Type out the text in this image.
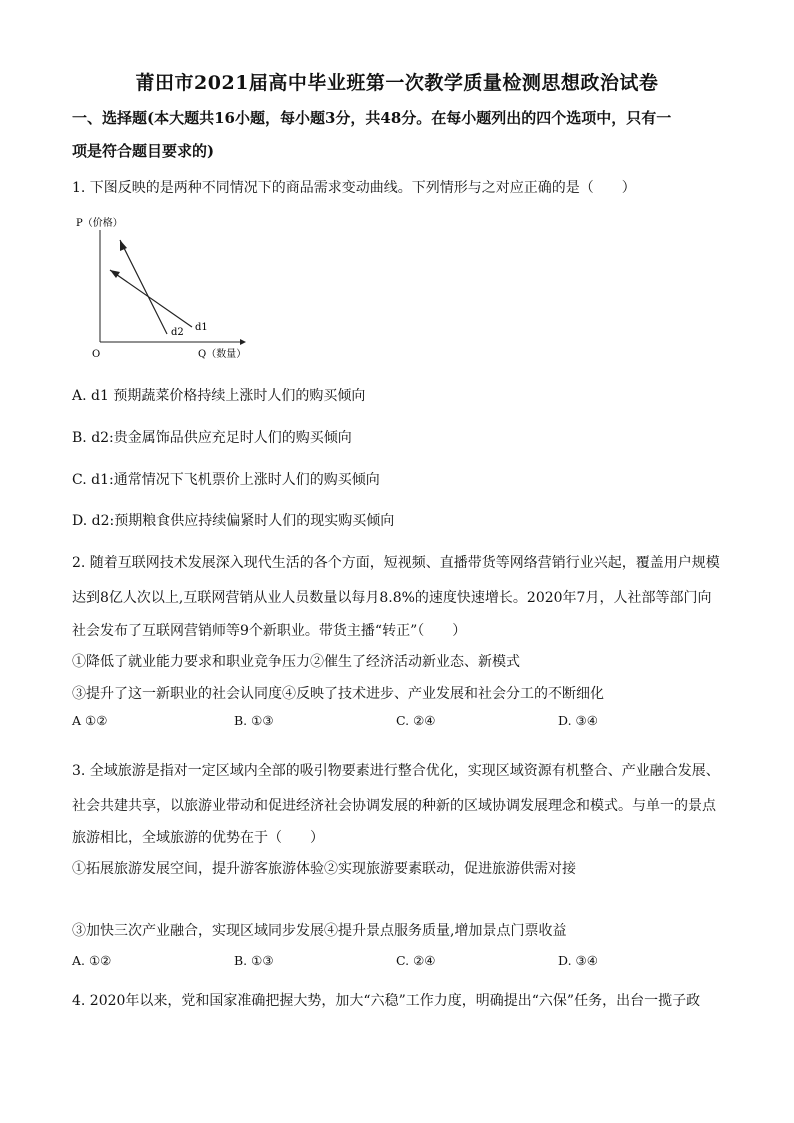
莆田市2021届高中毕业班第一次教学质量检测思想政治试卷
一、选择题(本大题共16小题，每小题3分，共48分。在每小题列出的四个选项中，只有一
项是符合题目要求的)
1. 下图反映的是两种不同情况下的商品需求变动曲线。下列情形与之对应正确的是（　　）
P（价格）
O	Q（数量）
d2 d1
A. d1 预期蔬菜价格持续上涨时人们的购买倾向
B. d2:贵金属饰品供应充足时人们的购买倾向
C. d1:通常情况下飞机票价上涨时人们的购买倾向
D. d2:预期粮食供应持续偏紧时人们的现实购买倾向
2. 随着互联网技术发展深入现代生活的各个方面，短视频、直播带货等网络营销行业兴起，覆盖用户规模
达到8亿人次以上,互联网营销从业人员数量以每月8.8%的速度快速增长。2020年7月，人社部等部门向
社会发布了互联网营销师等9个新职业。带货主播“转正”（　　）
①降低了就业能力要求和职业竞争压力②催生了经济活动新业态、新模式
③提升了这一新职业的社会认同度④反映了技术进步、产业发展和社会分工的不断细化
A ①②	B. ①③	C. ②④	D. ③④
3. 全域旅游是指对一定区域内全部的吸引物要素进行整合优化，实现区域资源有机整合、产业融合发展、
社会共建共享，以旅游业带动和促进经济社会协调发展的种新的区域协调发展理念和模式。与单一的景点
旅游相比，全域旅游的优势在于（　　）
①拓展旅游发展空间，提升游客旅游体验②实现旅游要素联动，促进旅游供需对接
③加快三次产业融合，实现区域同步发展④提升景点服务质量,增加景点门票收益
A. ①②	B. ①③	C. ②④	D. ③④
4. 2020年以来，党和国家准确把握大势，加大“六稳”工作力度，明确提出“六保”任务，出台一揽子政
